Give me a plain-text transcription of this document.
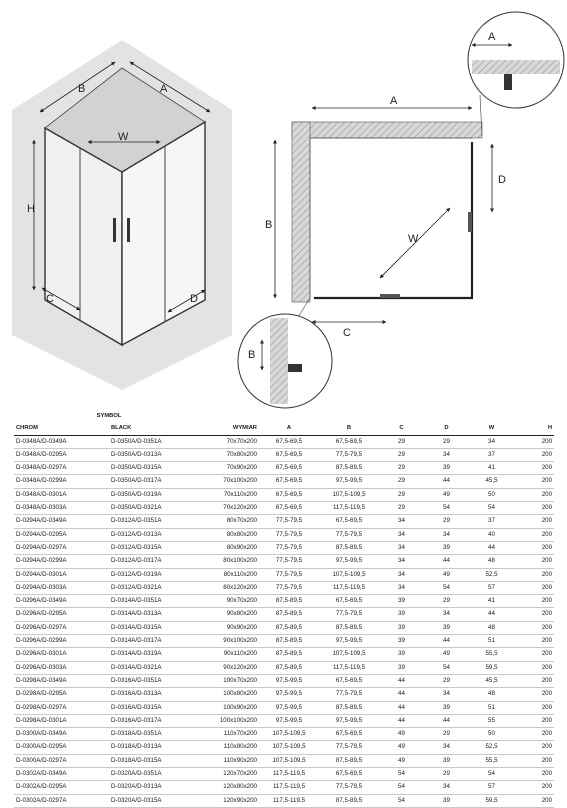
B	A
W
H
C	D
A
B
W
C
D
A
B
SYMBOL								
CHROM	BLACK	WYMIAR	A	B	C	D	W	H
D-0348A/D-0349A	D-0350A/D-0351A	70x70x200	67,5-69,5	67,5-69,5	29	29	34	200
D-0348A/D-0295A	D-0350A/D-0313A	70x80x200	67,5-69,5	77,5-79,5	29	34	37	200
D-0348A/D-0297A	D-0350A/D-0315A	70x90x200	67,5-69,5	87,5-89,5	29	39	41	200
D-0348A/D-0299A	D-0350A/D-0317A	70x100x200	67,5-69,5	97,5-99,5	29	44	45,5	200
D-0348A/D-0301A	D-0350A/D-0319A	70x110x200	67,5-69,5	107,5-109,5	29	49	50	200
D-0348A/D-0303A	D-0350A/D-0321A	70x120x200	67,5-69,5	117,5-119,5	29	54	54	200
D-0294A/D-0349A	D-0312A/D-0351A	80x70x200	77,5-79,5	67,5-69,5	34	29	37	200
D-0294A/D-0295A	D-0312A/D-0313A	80x80x200	77,5-79,5	77,5-79,5	34	34	40	200
D-0294A/D-0297A	D-0312A/D-0315A	80x90x200	77,5-79,5	87,5-89,5	34	39	44	200
D-0294A/D-0299A	D-0312A/D-0317A	80x100x200	77,5-79,5	97,5-99,5	34	44	48	200
D-0294A/D-0301A	D-0312A/D-0319A	80x110x200	77,5-79,5	107,5-109,5	34	49	52,5	200
D-0294A/D-0303A	D-0312A/D-0321A	80x120x200	77,5-79,5	117,5-119,5	34	54	57	200
D-0296A/D-0349A	D-0314A/D-0351A	90x70x200	87,5-89,5	67,5-69,5	39	29	41	200
D-0296A/D-0295A	D-0314A/D-0313A	90x80x200	87,5-89,5	77,5-79,5	39	34	44	200
D-0296A/D-0297A	D-0314A/D-0315A	90x90x200	87,5-89,5	87,5-89,5	39	39	48	200
D-0296A/D-0299A	D-0314A/D-0317A	90x100x200	87,5-89,5	97,5-99,5	39	44	51	200
D-0296A/D-0301A	D-0314A/D-0319A	90x110x200	87,5-89,5	107,5-109,5	39	49	55,5	200
D-0296A/D-0303A	D-0314A/D-0321A	90x120x200	87,5-89,5	117,5-119,5	39	54	59,5	200
D-0298A/D-0349A	D-0316A/D-0351A	100x70x200	97,5-99,5	67,5-69,5	44	29	45,5	200
D-0298A/D-0295A	D-0316A/D-0313A	100x80x200	97,5-99,5	77,5-79,5	44	34	48	200
D-0298A/D-0297A	D-0316A/D-0315A	100x90x200	97,5-99,5	87,5-89,5	44	39	51	200
D-0298A/D-0301A	D-0316A/D-0317A	100x100x200	97,5-99,5	97,5-99,5	44	44	55	200
D-0300A/D-0349A	D-0318A/D-0351A	110x70x200	107,5-109,5	67,5-69,5	49	29	50	200
D-0300A/D-0295A	D-0318A/D-0313A	110x80x200	107,5-109,5	77,5-79,5	49	34	52,5	200
D-0300A/D-0297A	D-0318A/D-0315A	110x90x200	107,5-109,5	87,5-89,5	49	39	55,5	200
D-0302A/D-0349A	D-0320A/D-0351A	120x70x200	117,5-119,5	67,5-69,5	54	29	54	200
D-0302A/D-0295A	D-0320A/D-0313A	120x80x200	117,5-119,5	77,5-79,5	54	34	57	200
D-0302A/D-0297A	D-0320A/D-0315A	120x90x200	117,5-119,5	87,5-89,5	54	39	59,5	200
